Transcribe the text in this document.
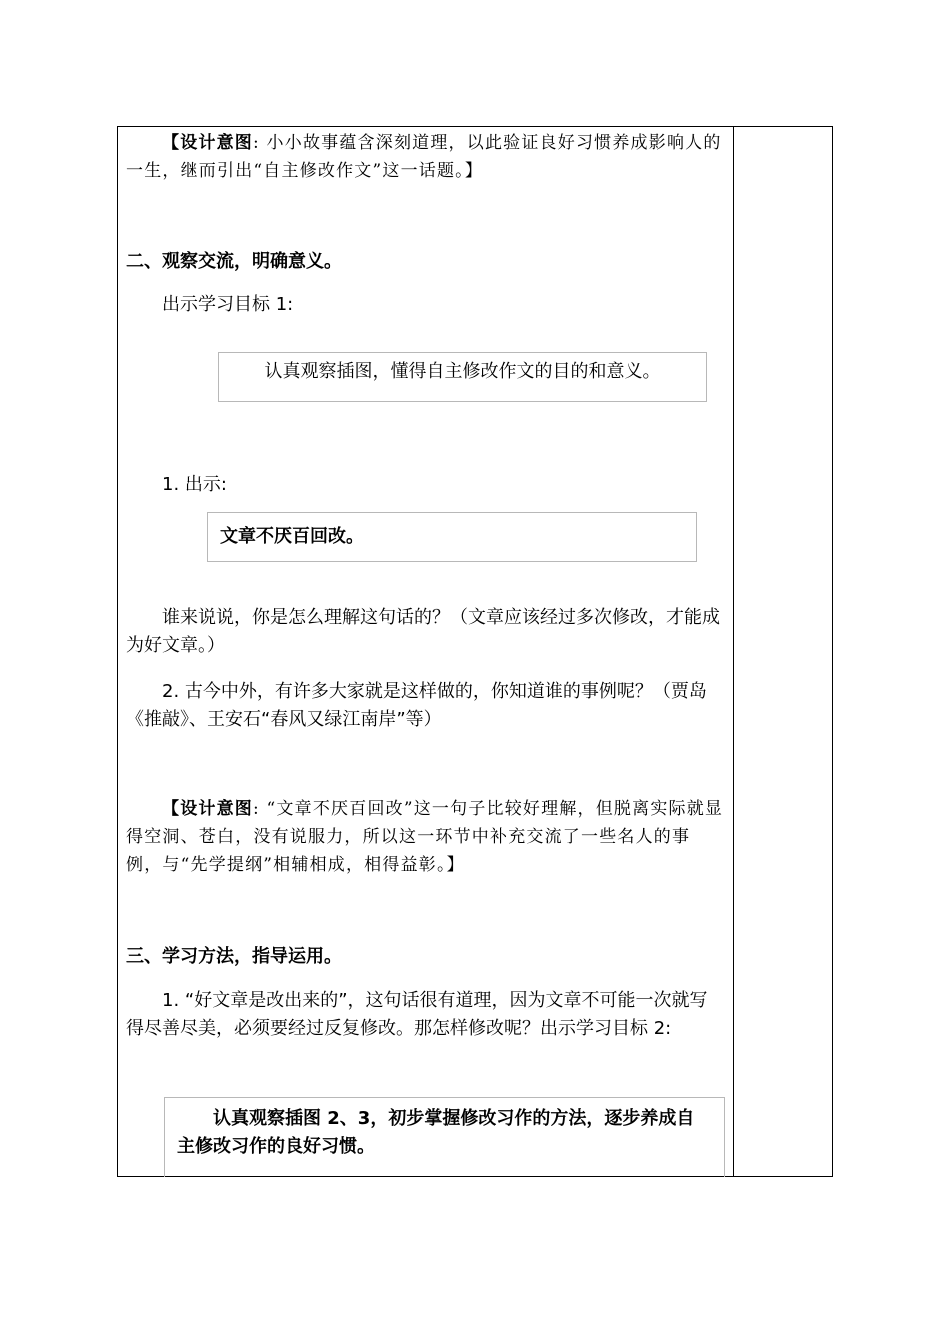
【设计意图: 小小故事蕴含深刻道理，以此验证良好习惯养成影响人的一生，继而引出“自主修改作文”这一话题。】

二、观察交流，明确意义。

出示学习目标 1:

认真观察插图，懂得自主修改作文的目的和意义。

1. 出示:

文章不厌百回改。

谁来说说，你是怎么理解这句话的？（文章应该经过多次修改，才能成为好文章。）

2. 古今中外，有许多大家就是这样做的，你知道谁的事例呢？（贾岛《推敲》、王安石“春风又绿江南岸”等）

【设计意图: “文章不厌百回改”这一句子比较好理解，但脱离实际就显得空洞、苍白，没有说服力，所以这一环节中补充交流了一些名人的事例，与“先学提纲”相辅相成，相得益彰。】

三、学习方法，指导运用。

1. “好文章是改出来的”，这句话很有道理，因为文章不可能一次就写得尽善尽美，必须要经过反复修改。那怎样修改呢？出示学习目标 2:

认真观察插图 2、3，初步掌握修改习作的方法，逐步养成自主修改习作的良好习惯。
